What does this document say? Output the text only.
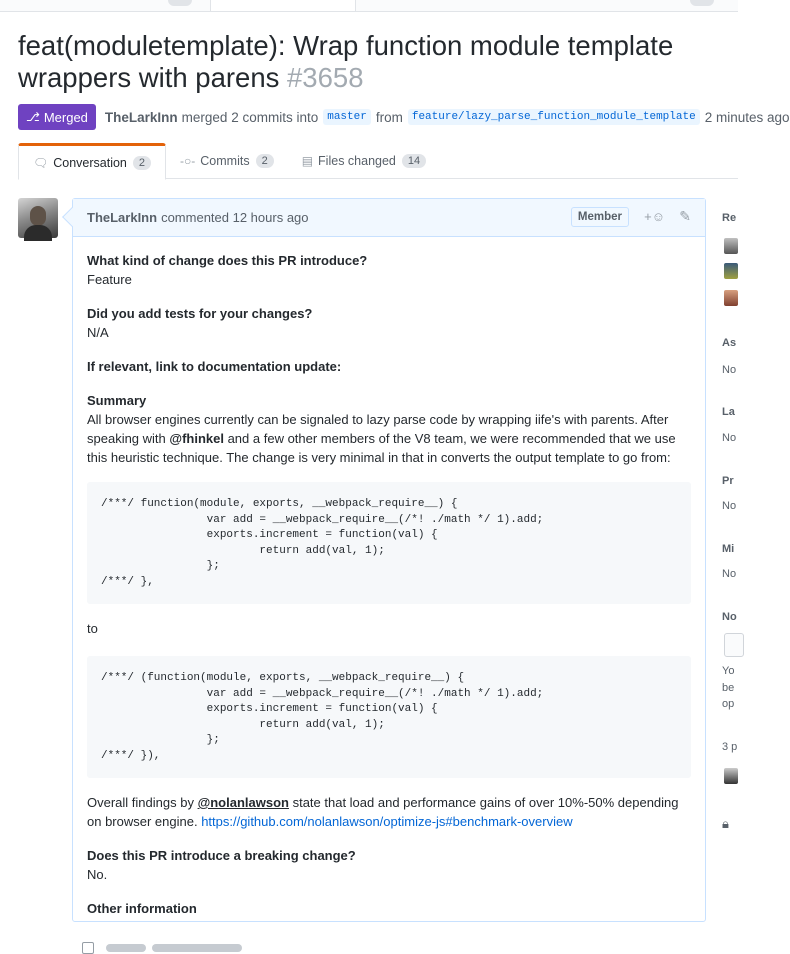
feat(moduletemplate): Wrap function module template wrappers with parens #3658
⎇ Merged TheLarkInn merged 2 commits into master from feature/lazy_parse_function_module_template 2 minutes ago
🗨︎ Conversation	2	-○- Commits	2	▤ Files changed	14
TheLarkInn commented 12 hours ago	Member	+☺ ✎
What kind of change does this PR introduce?
Feature
Did you add tests for your changes?
N/A
If relevant, link to documentation update:
Summary
All browser engines currently can be signaled to lazy parse code by wrapping iife's with parents. After speaking with @fhinkel and a few other members of the V8 team, we were recommended that we use this heuristic technique. The change is very minimal in that in converts the output template to go from:
/***/ function(module, exports, __webpack_require__) {
var add = __webpack_require__(/*! ./math */ 1).add;
exports.increment = function(val) {
return add(val, 1);
};
/***/ },
to
/***/ (function(module, exports, __webpack_require__) {
var add = __webpack_require__(/*! ./math */ 1).add;
exports.increment = function(val) {
return add(val, 1);
};
/***/ }),
Overall findings by @nolanlawson state that load and performance gains of over 10%-50% depending on browser engine. https://github.com/nolanlawson/optimize-js#benchmark-overview
Does this PR introduce a breaking change?
No.
Other information
Re
As
No
La
No
Pr
No
Mi
No
No
Yo
be
op
3 p
🔒︎
